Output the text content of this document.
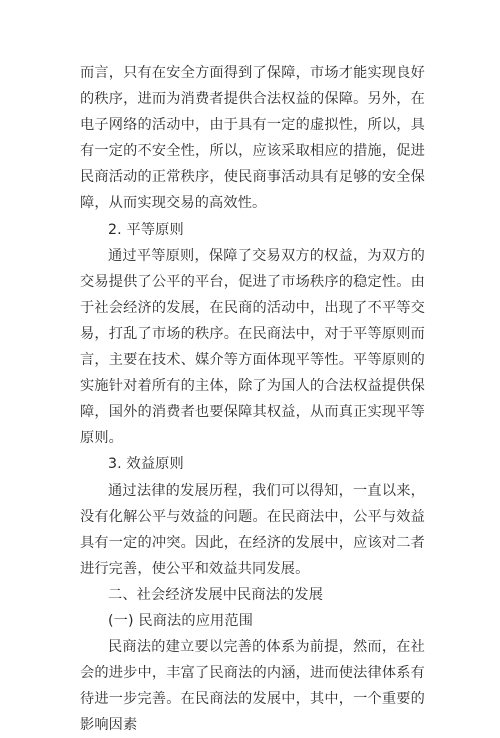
而言，只有在安全方面得到了保障，市场才能实现良好的秩序，进而为消费者提供合法权益的保障。另外，在电子网络的活动中，由于具有一定的虚拟性，所以，具有一定的不安全性，所以，应该采取相应的措施，促进民商活动的正常秩序，使民商事活动具有足够的安全保障，从而实现交易的高效性。

2. 平等原则

通过平等原则，保障了交易双方的权益，为双方的交易提供了公平的平台，促进了市场秩序的稳定性。由于社会经济的发展，在民商的活动中，出现了不平等交易，打乱了市场的秩序。在民商法中，对于平等原则而言，主要在技术、媒介等方面体现平等性。平等原则的实施针对着所有的主体，除了为国人的合法权益提供保障，国外的消费者也要保障其权益，从而真正实现平等原则。

3. 效益原则

通过法律的发展历程，我们可以得知，一直以来，没有化解公平与效益的问题。在民商法中，公平与效益具有一定的冲突。因此，在经济的发展中，应该对二者进行完善，使公平和效益共同发展。

二、社会经济发展中民商法的发展

(一) 民商法的应用范围

民商法的建立要以完善的体系为前提，然而，在社会的进步中，丰富了民商法的内涵，进而使法律体系有待进一步完善。在民商法的发展中，其中，一个重要的影响因素
